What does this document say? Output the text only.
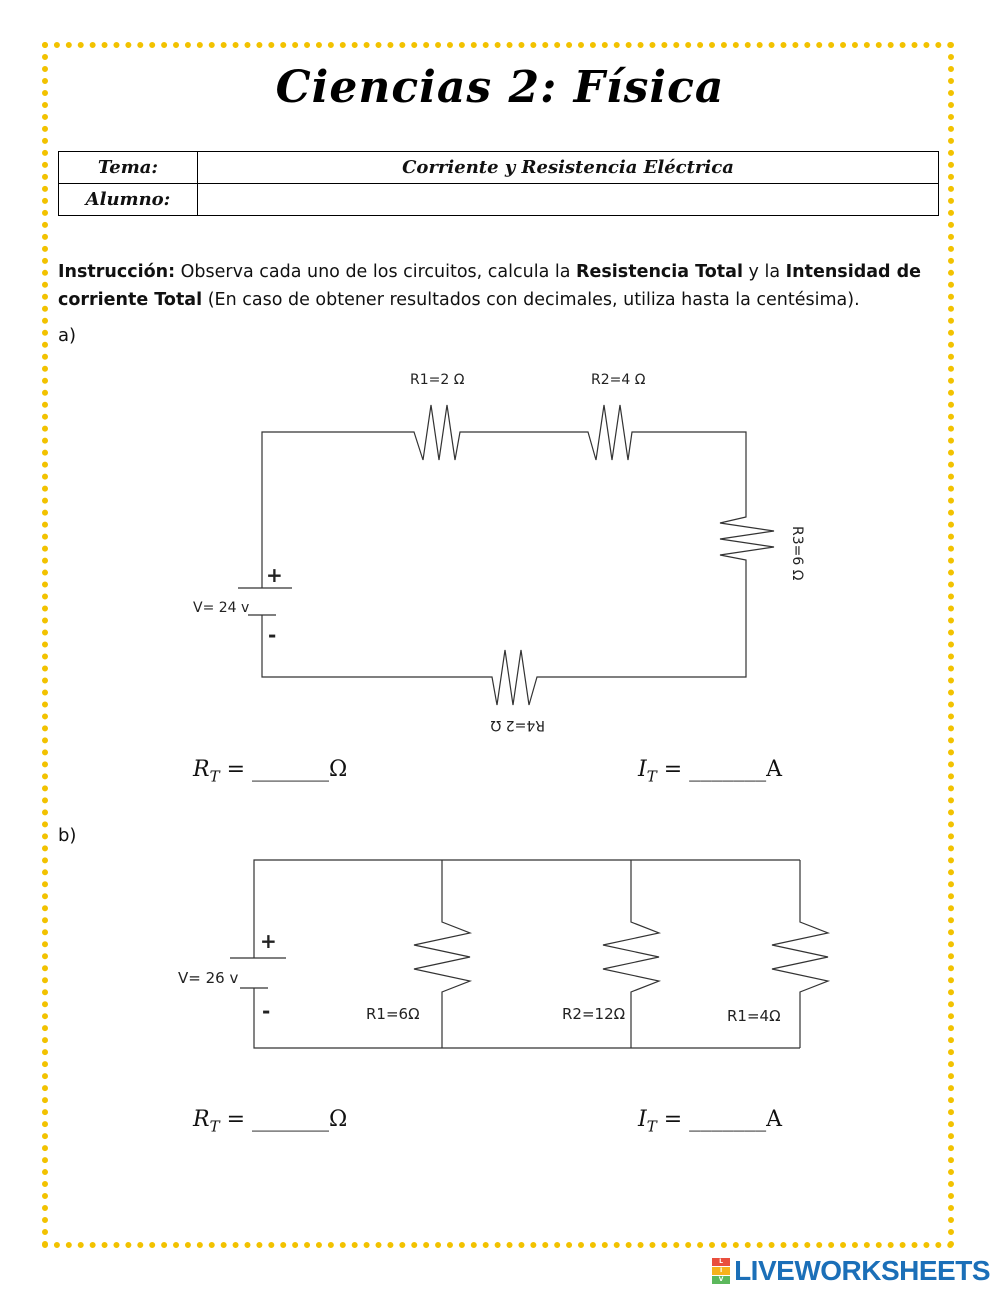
Ciencias 2: Física
Tema:	Corriente y Resistencia Eléctrica
Alumno:	
Instrucción: Observa cada uno de los circuitos, calcula la Resistencia Total y la Intensidad de corriente Total (En caso de obtener resultados con decimales, utiliza hasta la centésima).
a)
b)
R1=2 Ω	R2=4 Ω
R3=6 Ω
R4=2 Ω
V= 24 v
+
-
R1=6Ω	R2=12Ω	R1=4Ω
V= 26 v
+
-
$R_T$ = _______Ω	$I_T$ = _______A
$R_T$ = _______Ω	$I_T$ = _______A
L
I
V LIVEWORKSHEETS
